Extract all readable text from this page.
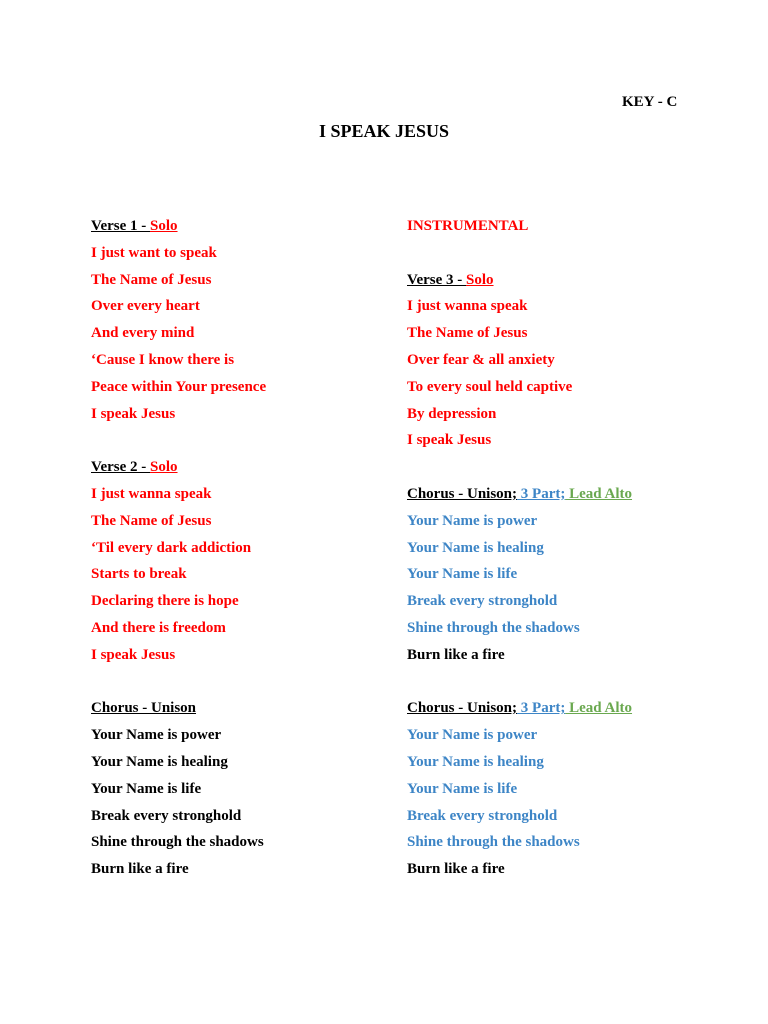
KEY - C
I SPEAK JESUS
Verse 1 - Solo
I just want to speak
The Name of Jesus
Over every heart
And every mind
‘Cause I know there is
Peace within Your presence
I speak Jesus
Verse 2 - Solo
I just wanna speak
The Name of Jesus
‘Til every dark addiction
Starts to break
Declaring there is hope
And there is freedom
I speak Jesus
Chorus - Unison
Your Name is power
Your Name is healing
Your Name is life
Break every stronghold
Shine through the shadows
Burn like a fire
INSTRUMENTAL
Verse 3 - Solo
I just wanna speak
The Name of Jesus
Over fear & all anxiety
To every soul held captive
By depression
I speak Jesus
Chorus - Unison; 3 Part; Lead Alto
Your Name is power
Your Name is healing
Your Name is life
Break every stronghold
Shine through the shadows
Burn like a fire
Chorus - Unison; 3 Part; Lead Alto
Your Name is power
Your Name is healing
Your Name is life
Break every stronghold
Shine through the shadows
Burn like a fire
